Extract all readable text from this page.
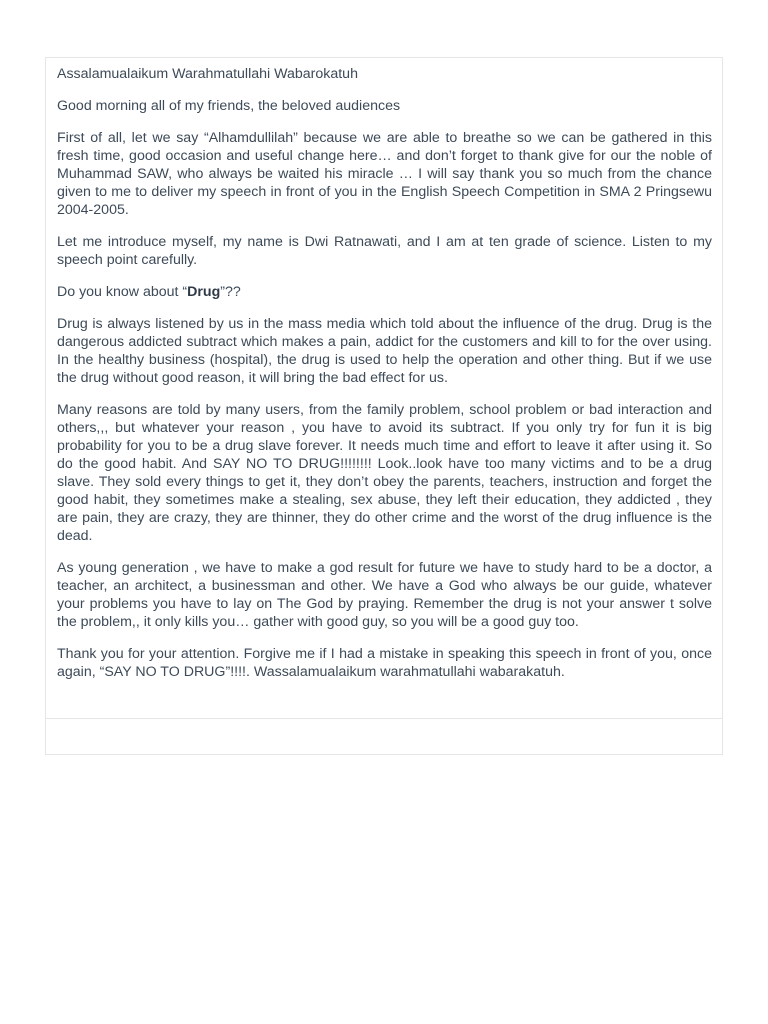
Assalamualaikum Warahmatullahi Wabarokatuh

Good morning all of my friends, the beloved audiences

First of all, let we say “Alhamdullilah” because we are able to breathe so we can be gathered in this fresh time, good occasion and useful change here… and don’t forget to thank give for our the noble of Muhammad SAW, who always be waited his miracle … I will say thank you so much from the chance given to me to deliver my speech in front of you in the English Speech Competition in SMA 2 Pringsewu 2004-2005.

Let me introduce myself, my name is Dwi Ratnawati, and I am at ten grade of science. Listen to my speech point carefully.

Do you know about “Drug”??

Drug is always listened by us in the mass media which told about the influence of the drug. Drug is the dangerous addicted subtract which makes a pain, addict for the customers and kill to for the over using. In the healthy business (hospital), the drug is used to help the operation and other thing. But if we use the drug without good reason, it will bring the bad effect for us.

Many reasons are told by many users, from the family problem, school problem or bad interaction and others,,, but whatever your reason , you have to avoid its subtract. If you only try for fun it is big probability for you to be a drug slave forever. It needs much time and effort to leave it after using it. So do the good habit. And SAY NO TO DRUG!!!!!!!! Look..look have too many victims and to be a drug slave. They sold every things to get it, they don’t obey the parents, teachers, instruction and forget the good habit, they sometimes make a stealing, sex abuse, they left their education, they addicted , they are pain, they are crazy, they are thinner, they do other crime and the worst of the drug influence is the dead.

As young generation , we have to make a god result for future we have to study hard to be a doctor, a teacher, an architect, a businessman and other. We have a God who always be our guide, whatever your problems you have to lay on The God by praying. Remember the drug is not your answer t solve the problem,, it only kills you… gather with good guy, so you will be a good guy too.

Thank you for your attention. Forgive me if I had a mistake in speaking this speech in front of you, once again, “SAY NO TO DRUG”!!!!. Wassalamualaikum warahmatullahi wabarakatuh.
